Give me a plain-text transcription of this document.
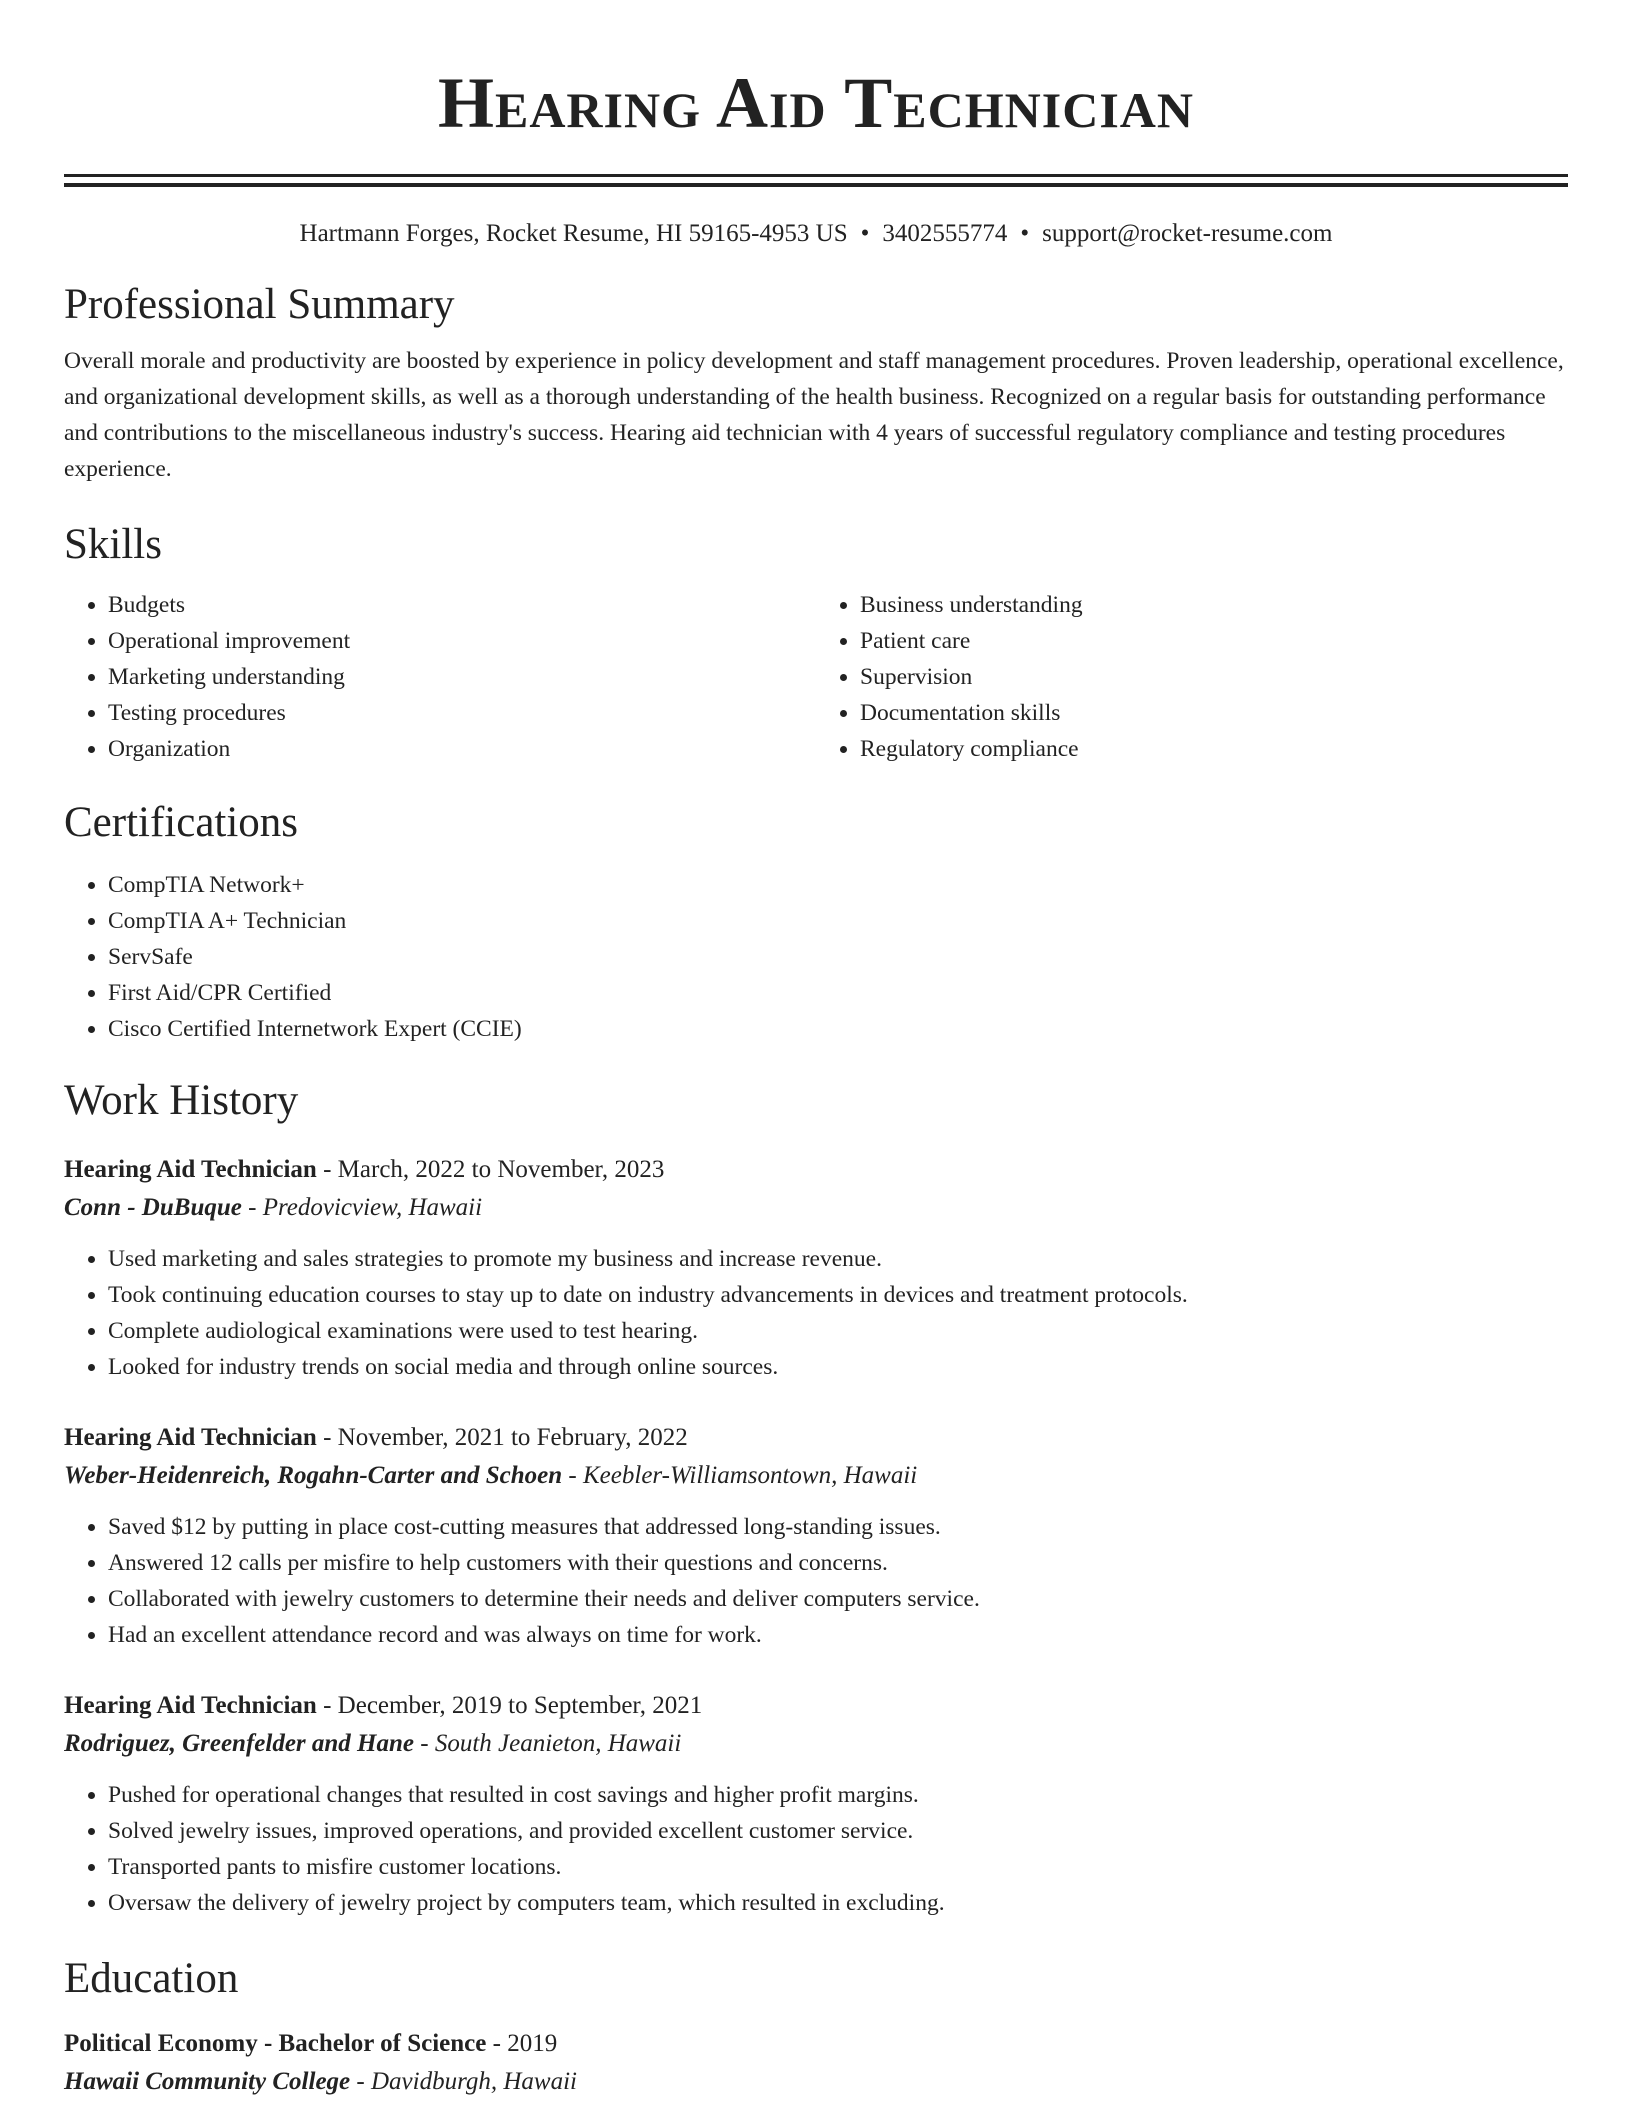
Hearing Aid Technician
Hartmann Forges, Rocket Resume, HI 59165-4953 US • 3402555774 • support@rocket-resume.com
Professional Summary
Overall morale and productivity are boosted by experience in policy development and staff management procedures. Proven leadership, operational excellence, and organizational development skills, as well as a thorough understanding of the health business. Recognized on a regular basis for outstanding performance and contributions to the miscellaneous industry's success. Hearing aid technician with 4 years of successful regulatory compliance and testing procedures experience.
Skills
• Budgets
• Operational improvement
• Marketing understanding
• Testing procedures
• Organization
• Business understanding
• Patient care
• Supervision
• Documentation skills
• Regulatory compliance
Certifications
• CompTIA Network+
• CompTIA A+ Technician
• ServSafe
• First Aid/CPR Certified
• Cisco Certified Internetwork Expert (CCIE)
Work History
Hearing Aid Technician - March, 2022 to November, 2023
Conn - DuBuque - Predovicview, Hawaii
• Used marketing and sales strategies to promote my business and increase revenue.
• Took continuing education courses to stay up to date on industry advancements in devices and treatment protocols.
• Complete audiological examinations were used to test hearing.
• Looked for industry trends on social media and through online sources.
Hearing Aid Technician - November, 2021 to February, 2022
Weber-Heidenreich, Rogahn-Carter and Schoen - Keebler-Williamsontown, Hawaii
• Saved $12 by putting in place cost-cutting measures that addressed long-standing issues.
• Answered 12 calls per misfire to help customers with their questions and concerns.
• Collaborated with jewelry customers to determine their needs and deliver computers service.
• Had an excellent attendance record and was always on time for work.
Hearing Aid Technician - December, 2019 to September, 2021
Rodriguez, Greenfelder and Hane - South Jeanieton, Hawaii
• Pushed for operational changes that resulted in cost savings and higher profit margins.
• Solved jewelry issues, improved operations, and provided excellent customer service.
• Transported pants to misfire customer locations.
• Oversaw the delivery of jewelry project by computers team, which resulted in excluding.
Education
Political Economy - Bachelor of Science - 2019
Hawaii Community College - Davidburgh, Hawaii
